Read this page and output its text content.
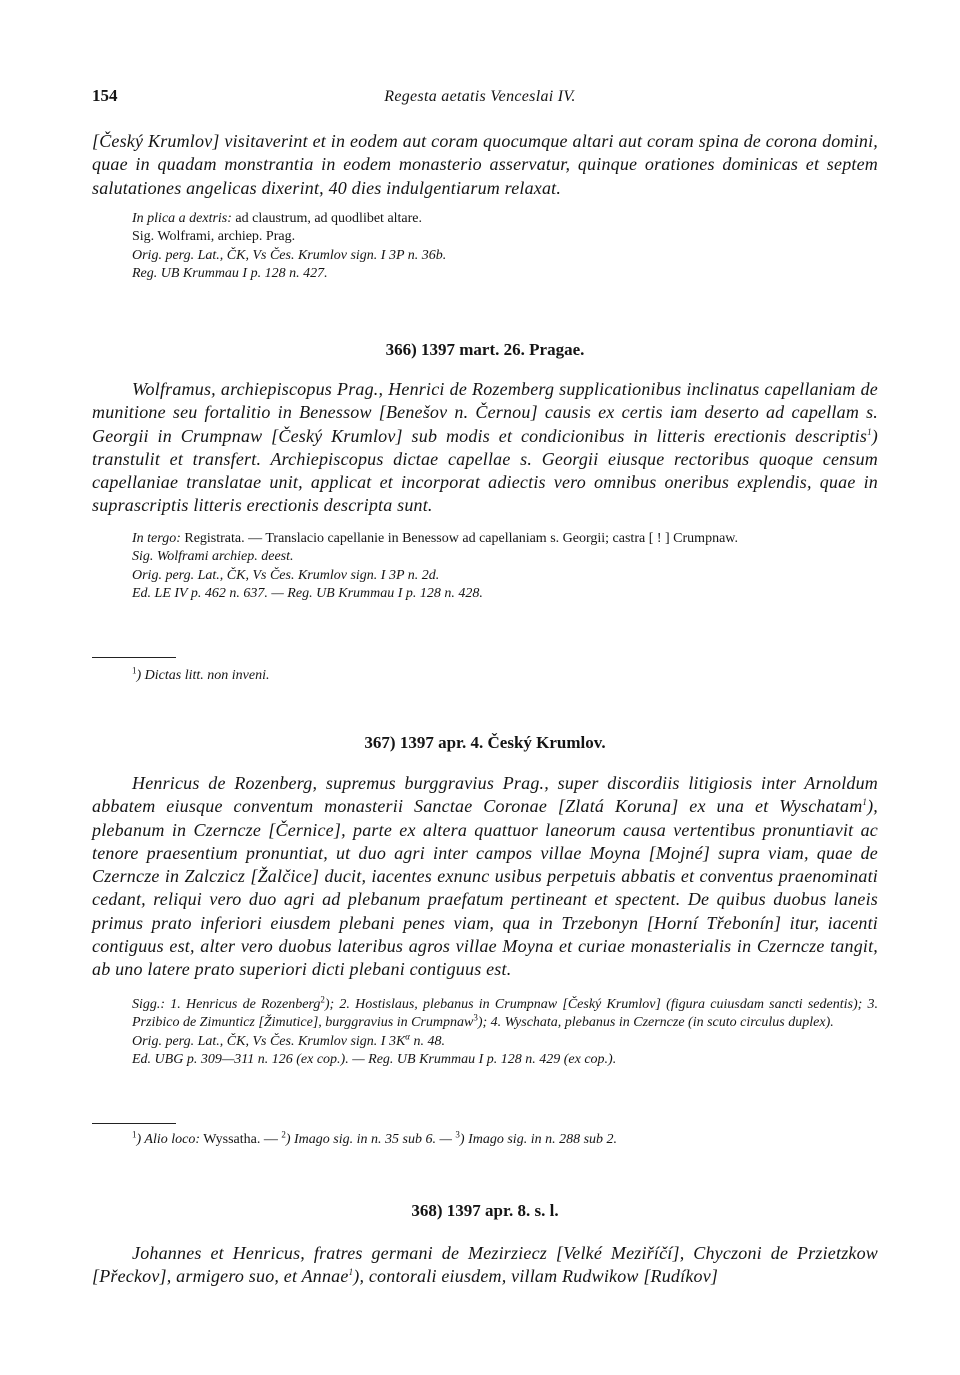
154	Regesta aetatis Venceslai IV.

[Český Krumlov] visitaverint et in eodem aut coram quocumque altari aut coram spina de corona domini, quae in quadam monstrantia in eodem monasterio asservatur, quinque orationes dominicas et septem salutationes angelicas dixerint, 40 dies indulgentiarum relaxat.

In plica a dextris: ad claustrum, ad quodlibet altare.

Sig. Wolframi, archiep. Prag.

Orig. perg. Lat., ČK, Vs Čes. Krumlov sign. I 3P n. 36b.

Reg. UB Krummau I p. 128 n. 427.

366) 1397 mart. 26. Pragae.

Wolframus, archiepiscopus Prag., Henrici de Rozemberg supplicationibus inclinatus capellaniam de munitione seu fortalitio in Benessow [Benešov n. Černou] causis ex certis iam deserto ad capellam s. Georgii in Crumpnaw [Český Krumlov] sub modis et condicionibus in litteris erectionis descriptis$^1$) transtulit et transfert. Archiepiscopus dictae capellae s. Georgii eiusque rectoribus quoque censum capellaniae translatae unit, applicat et incorporat adiectis vero omnibus oneribus explendis, quae in suprascriptis litteris erectionis descripta sunt.

In tergo: Registrata. — Translacio capellanie in Benessow ad capellaniam s. Georgii; castra [ ! ] Crumpnaw.

Sig. Wolframi archiep. deest.

Orig. perg. Lat., ČK, Vs Čes. Krumlov sign. I 3P n. 2d.

Ed. LE IV p. 462 n. 637. — Reg. UB Krummau I p. 128 n. 428.

$^1$) Dictas litt. non inveni.
367) 1397 apr. 4. Český Krumlov.

Henricus de Rozenberg, supremus burggravius Prag., super discordiis litigiosis inter Arnoldum abbatem eiusque conventum monasterii Sanctae Coronae [Zlatá Koruna] ex una et Wyschatam$^1$), plebanum in Czerncze [Černice], parte ex altera quattuor laneorum causa vertentibus pronuntiavit ac tenore praesentium pronuntiat, ut duo agri inter campos villae Moyna [Mojné] supra viam, quae de Czerncze in Zalczicz [Žalčice] ducit, iacentes exnunc usibus perpetuis abbatis et conventus praenominati cedant, reliqui vero duo agri ad plebanum praefatum pertineant et spectent. De quibus duobus laneis primus prato inferiori eiusdem plebani penes viam, qua in Trzebonyn [Horní Třebonín] itur, iacenti contiguus est, alter vero duobus lateribus agros villae Moyna et curiae monasterialis in Czerncze tangit, ab uno latere prato superiori dicti plebani contiguus est.

Sigg.: 1. Henricus de Rozenberg$^2$); 2. Hostislaus, plebanus in Crumpnaw [Český Krumlov] (figura cuiusdam sancti sedentis); 3. Przibico de Zimunticz [Žimutice], burggravius in Crumpnaw$^3$); 4. Wyschata, plebanus in Czerncze (in scuto circulus duplex).

Orig. perg. Lat., ČK, Vs Čes. Krumlov sign. I $3K^\alpha$ n. 48.

Ed. UBG p. 309—311 n. 126 (ex cop.). — Reg. UB Krummau I p. 128 n. 429 (ex cop.).

$^1$) Alio loco: Wyssatha. — $^2$) Imago sig. in n. 35 sub 6. — $^3$) Imago sig. in n. 288 sub 2.
368) 1397 apr. 8. s. l.

Johannes et Henricus, fratres germani de Mezirziecz [Velké Meziříčí], Chyczoni de Przietzkow [Přeckov], armigero suo, et Annae$^1$), contorali eiusdem, villam Rudwikow [Rudíkov]
